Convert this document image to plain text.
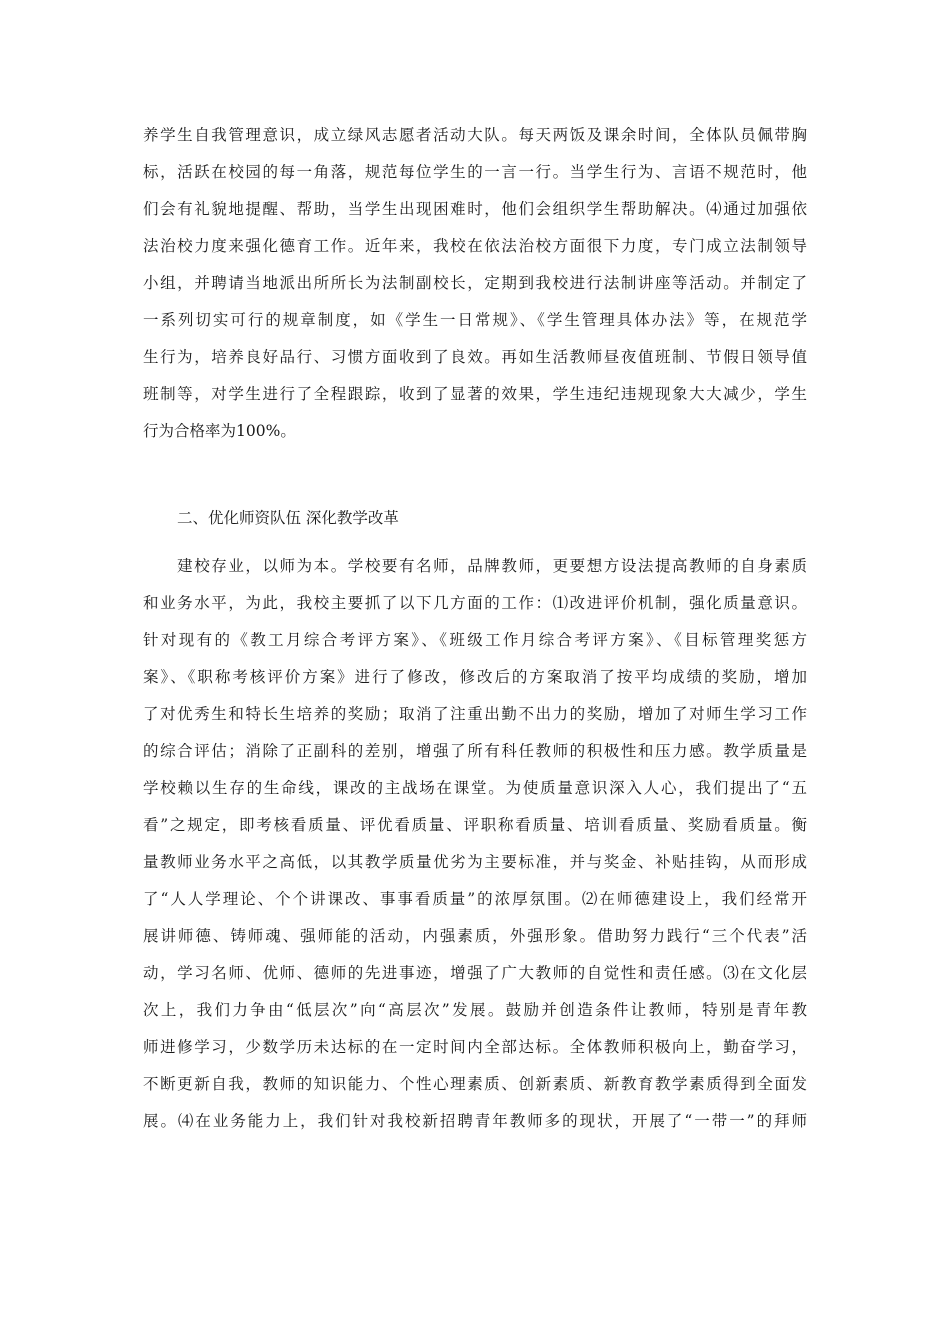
养学生自我管理意识，成立绿风志愿者活动大队。每天两饭及课余时间，全体队员佩带胸
标，活跃在校园的每一角落，规范每位学生的一言一行。当学生行为、言语不规范时，他
们会有礼貌地提醒、帮助，当学生出现困难时，他们会组织学生帮助解决。⑷通过加强依
法治校力度来强化德育工作。近年来，我校在依法治校方面很下力度，专门成立法制领导
小组，并聘请当地派出所所长为法制副校长，定期到我校进行法制讲座等活动。并制定了
一系列切实可行的规章制度，如《学生一日常规》、《学生管理具体办法》等，在规范学
生行为，培养良好品行、习惯方面收到了良效。再如生活教师昼夜值班制、节假日领导值
班制等，对学生进行了全程跟踪，收到了显著的效果，学生违纪违规现象大大减少，学生
行为合格率为100%。

二、优化师资队伍 深化教学改革

　　建校存业，以师为本。学校要有名师，品牌教师，更要想方设法提高教师的自身素质
和业务水平，为此，我校主要抓了以下几方面的工作：⑴改进评价机制，强化质量意识。
针对现有的《教工月综合考评方案》、《班级工作月综合考评方案》、《目标管理奖惩方
案》、《职称考核评价方案》进行了修改，修改后的方案取消了按平均成绩的奖励，增加
了对优秀生和特长生培养的奖励；取消了注重出勤不出力的奖励，增加了对师生学习工作
的综合评估；消除了正副科的差别，增强了所有科任教师的积极性和压力感。教学质量是
学校赖以生存的生命线，课改的主战场在课堂。为使质量意识深入人心，我们提出了“五
看”之规定，即考核看质量、评优看质量、评职称看质量、培训看质量、奖励看质量。衡
量教师业务水平之高低，以其教学质量优劣为主要标准，并与奖金、补贴挂钩，从而形成
了“人人学理论、个个讲课改、事事看质量”的浓厚氛围。⑵在师德建设上，我们经常开
展讲师德、铸师魂、强师能的活动，内强素质，外强形象。借助努力践行“三个代表”活
动，学习名师、优师、德师的先进事迹，增强了广大教师的自觉性和责任感。⑶在文化层
次上，我们力争由“低层次”向“高层次”发展。鼓励并创造条件让教师，特别是青年教
师进修学习，少数学历未达标的在一定时间内全部达标。全体教师积极向上，勤奋学习，
不断更新自我，教师的知识能力、个性心理素质、创新素质、新教育教学素质得到全面发
展。⑷在业务能力上，我们针对我校新招聘青年教师多的现状，开展了“一带一”的拜师
